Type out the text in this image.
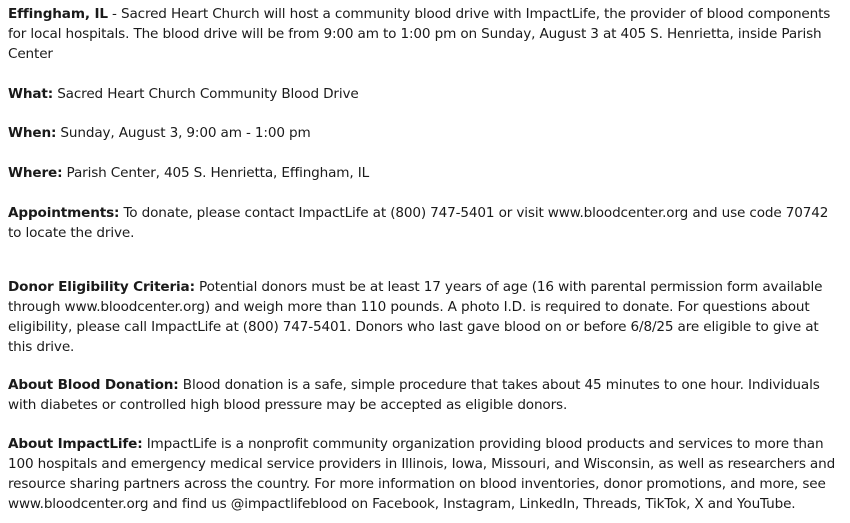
Effingham, IL - Sacred Heart Church will host a community blood drive with ImpactLife, the provider of blood components for local hospitals. The blood drive will be from 9:00 am to 1:00 pm on Sunday, August 3 at 405 S. Henrietta, inside Parish Center

What: Sacred Heart Church Community Blood Drive

When: Sunday, August 3, 9:00 am - 1:00 pm

Where: Parish Center, 405 S. Henrietta, Effingham, IL

Appointments: To donate, please contact ImpactLife at (800) 747-5401 or visit www.bloodcenter.org and use code 70742 to locate the drive.

Donor Eligibility Criteria: Potential donors must be at least 17 years of age (16 with parental permission form available through www.bloodcenter.org) and weigh more than 110 pounds. A photo I.D. is required to donate. For questions about eligibility, please call ImpactLife at (800) 747-5401. Donors who last gave blood on or before 6/8/25 are eligible to give at this drive.

About Blood Donation: Blood donation is a safe, simple procedure that takes about 45 minutes to one hour. Individuals with diabetes or controlled high blood pressure may be accepted as eligible donors.

About ImpactLife: ImpactLife is a nonprofit community organization providing blood products and services to more than 100 hospitals and emergency medical service providers in Illinois, Iowa, Missouri, and Wisconsin, as well as researchers and resource sharing partners across the country. For more information on blood inventories, donor promotions, and more, see www.bloodcenter.org and find us @impactlifeblood on Facebook, Instagram, LinkedIn, Threads, TikTok, X and YouTube.
